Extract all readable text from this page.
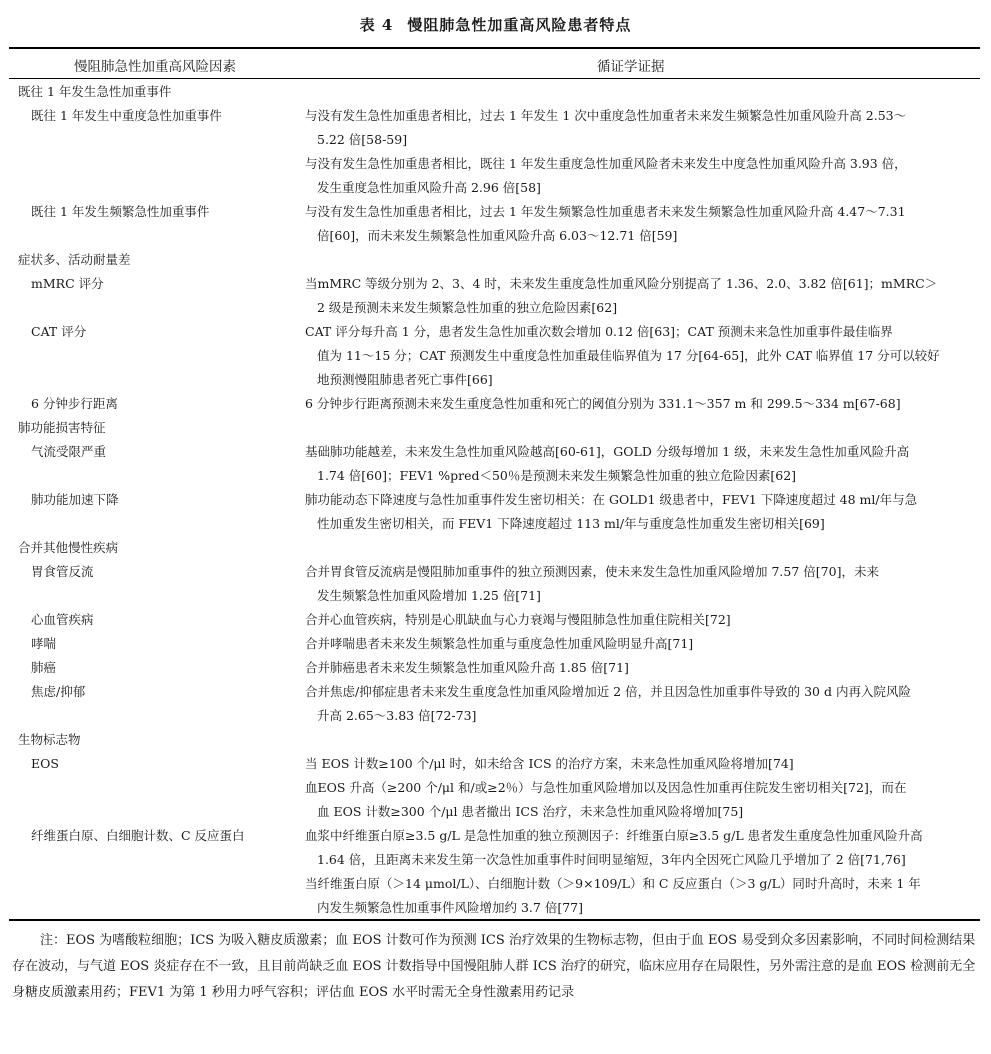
表 4 慢阻肺急性加重高风险患者特点
慢阻肺急性加重高风险因素	循证学证据
既往 1 年发生急性加重事件	
既往 1 年发生中重度急性加重事件	与没有发生急性加重患者相比，过去 1 年发生 1 次中重度急性加重者未来发生频繁急性加重风险升高 2.53～
5.22 倍[58-59]
与没有发生急性加重患者相比，既往 1 年发生重度急性加重风险者未来发生中度急性加重风险升高 3.93 倍，
发生重度急性加重风险升高 2.96 倍[58]

既往 1 年发生频繁急性加重事件	与没有发生急性加重患者相比，过去 1 年发生频繁急性加重患者未来发生频繁急性加重风险升高 4.47～7.31
倍[60]，而未来发生频繁急性加重风险升高 6.03～12.71 倍[59]

症状多、活动耐量差	
mMRC 评分	当mMRC 等级分别为 2、3、4 时，未来发生重度急性加重风险分别提高了 1.36、2.0、3.82 倍[61]；mMRC＞
2 级是预测未来发生频繁急性加重的独立危险因素[62]

CAT 评分	CAT 评分每升高 1 分，患者发生急性加重次数会增加 0.12 倍[63]；CAT 预测未来急性加重事件最佳临界
值为 11～15 分；CAT 预测发生中重度急性加重最佳临界值为 17 分[64-65]，此外 CAT 临界值 17 分可以较好
地预测慢阻肺患者死亡事件[66]

6 分钟步行距离	6 分钟步行距离预测未来发生重度急性加重和死亡的阈值分别为 331.1～357 m 和 299.5～334 m[67-68]

肺功能损害特征	
气流受限严重	基础肺功能越差，未来发生急性加重风险越高[60-61]，GOLD 分级每增加 1 级，未来发生急性加重风险升高
1.74 倍[60]；FEV1 %pred＜50％是预测未来发生频繁急性加重的独立危险因素[62]

肺功能加速下降	肺功能动态下降速度与急性加重事件发生密切相关：在 GOLD1 级患者中，FEV1 下降速度超过 48 ml/年与急
性加重发生密切相关，而 FEV1 下降速度超过 113 ml/年与重度急性加重发生密切相关[69]

合并其他慢性疾病	
胃食管反流	合并胃食管反流病是慢阻肺加重事件的独立预测因素，使未来发生急性加重风险增加 7.57 倍[70]，未来
发生频繁急性加重风险增加 1.25 倍[71]

心血管疾病	合并心血管疾病，特别是心肌缺血与心力衰竭与慢阻肺急性加重住院相关[72]

哮喘	合并哮喘患者未来发生频繁急性加重与重度急性加重风险明显升高[71]

肺癌	合并肺癌患者未来发生频繁急性加重风险升高 1.85 倍[71]

焦虑/抑郁	合并焦虑/抑郁症患者未来发生重度急性加重风险增加近 2 倍，并且因急性加重事件导致的 30 d 内再入院风险
升高 2.65～3.83 倍[72-73]

生物标志物	
EOS	当 EOS 计数≥100 个/μl 时，如未给含 ICS 的治疗方案，未来急性加重风险将增加[74]
血EOS 升高（≥200 个/μl 和/或≥2％）与急性加重风险增加以及因急性加重再住院发生密切相关[72]，而在
血 EOS 计数≥300 个/μl 患者撤出 ICS 治疗，未来急性加重风险将增加[75]

纤维蛋白原、白细胞计数、C 反应蛋白	血浆中纤维蛋白原≥3.5 g/L 是急性加重的独立预测因子：纤维蛋白原≥3.5 g/L 患者发生重度急性加重风险升高
1.64 倍，且距离未来发生第一次急性加重事件时间明显缩短，3年内全因死亡风险几乎增加了 2 倍[71,76]
当纤维蛋白原（＞14 μmol/L）、白细胞计数（＞9×109/L）和 C 反应蛋白（＞3 g/L）同时升高时，未来 1 年
内发生频繁急性加重事件风险增加约 3.7 倍[77]
注：EOS 为嗜酸粒细胞；ICS 为吸入糖皮质激素；血 EOS 计数可作为预测 ICS 治疗效果的生物标志物，但由于血 EOS 易受到众多因素影响，不同时间检测结果存在波动，与气道 EOS 炎症存在不一致，且目前尚缺乏血 EOS 计数指导中国慢阻肺人群 ICS 治疗的研究，临床应用存在局限性，另外需注意的是血 EOS 检测前无全身糖皮质激素用药；FEV1 为第 1 秒用力呼气容积；评估血 EOS 水平时需无全身性激素用药记录
